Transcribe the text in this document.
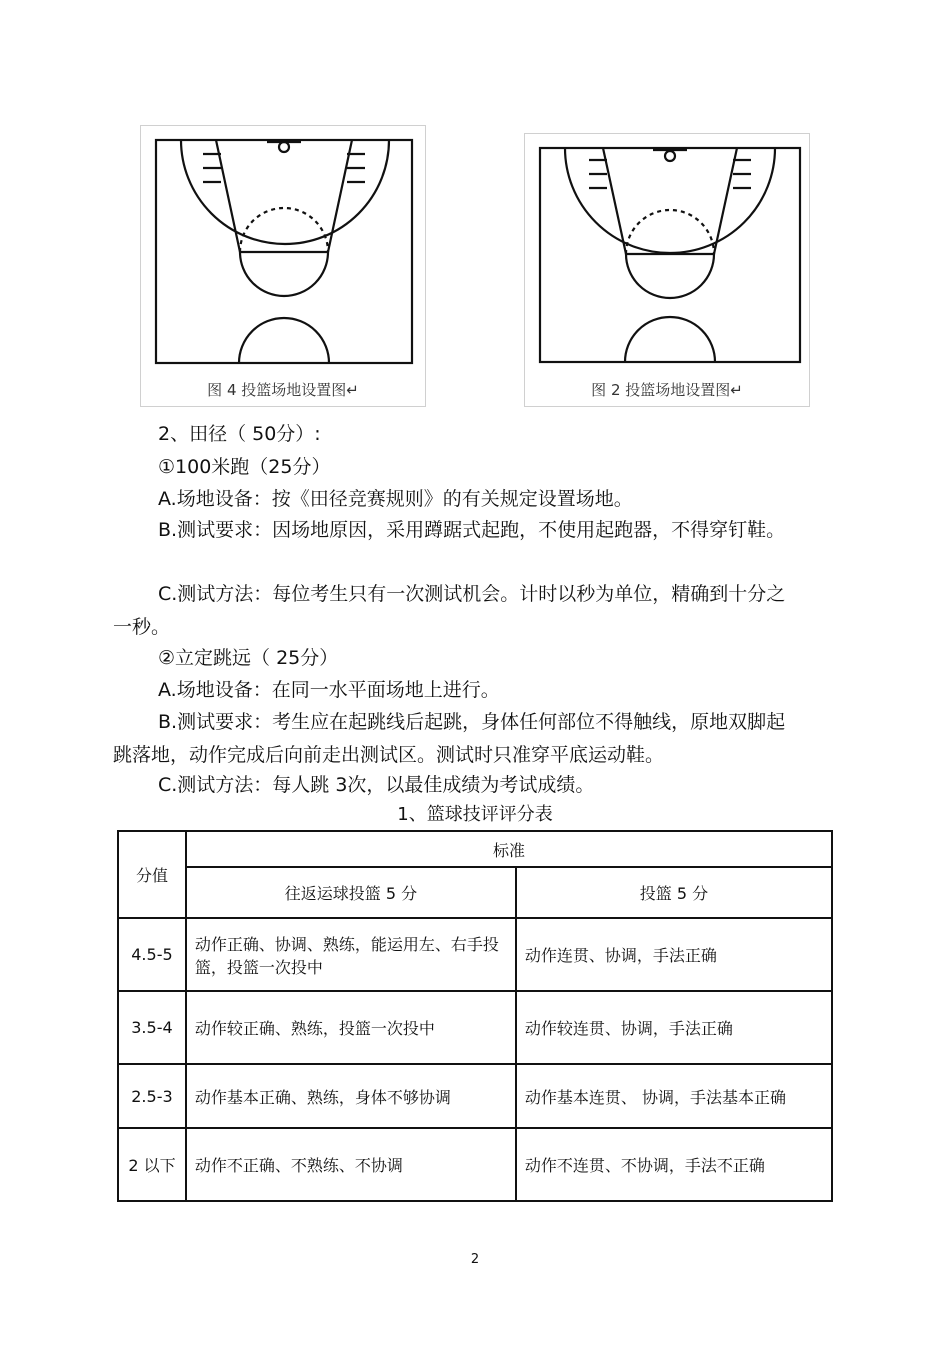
图 4 投篮场地设置图↵	图 2 投篮场地设置图↵

2、田径（ 50分）:

①100米跑（25分）

A.场地设备：按《田径竞赛规则》的有关规定设置场地。

B.测试要求：因场地原因，采用蹲踞式起跑，不使用起跑器，不得穿钉鞋。

C.测试方法：每位考生只有一次测试机会。计时以秒为单位，精确到十分之一秒。

②立定跳远（ 25分）

A.场地设备：在同一水平面场地上进行。

B.测试要求：考生应在起跳线后起跳，身体任何部位不得触线，原地双脚起跳落地，动作完成后向前走出测试区。测试时只准穿平底运动鞋。

C.测试方法：每人跳 3次，以最佳成绩为考试成绩。

1、篮球技评评分表
分值	标准	
	往返运球投篮 5 分	投篮 5 分
4.5-5	动作正确、协调、熟练，能运用左、右手投篮，投篮一次投中	动作连贯、协调，手法正确
3.5-4	动作较正确、熟练，投篮一次投中	动作较连贯、协调，手法正确
2.5-3	动作基本正确、熟练，身体不够协调	动作基本连贯、 协调，手法基本正确
2 以下	动作不正确、不熟练、不协调	动作不连贯、不协调，手法不正确
2
